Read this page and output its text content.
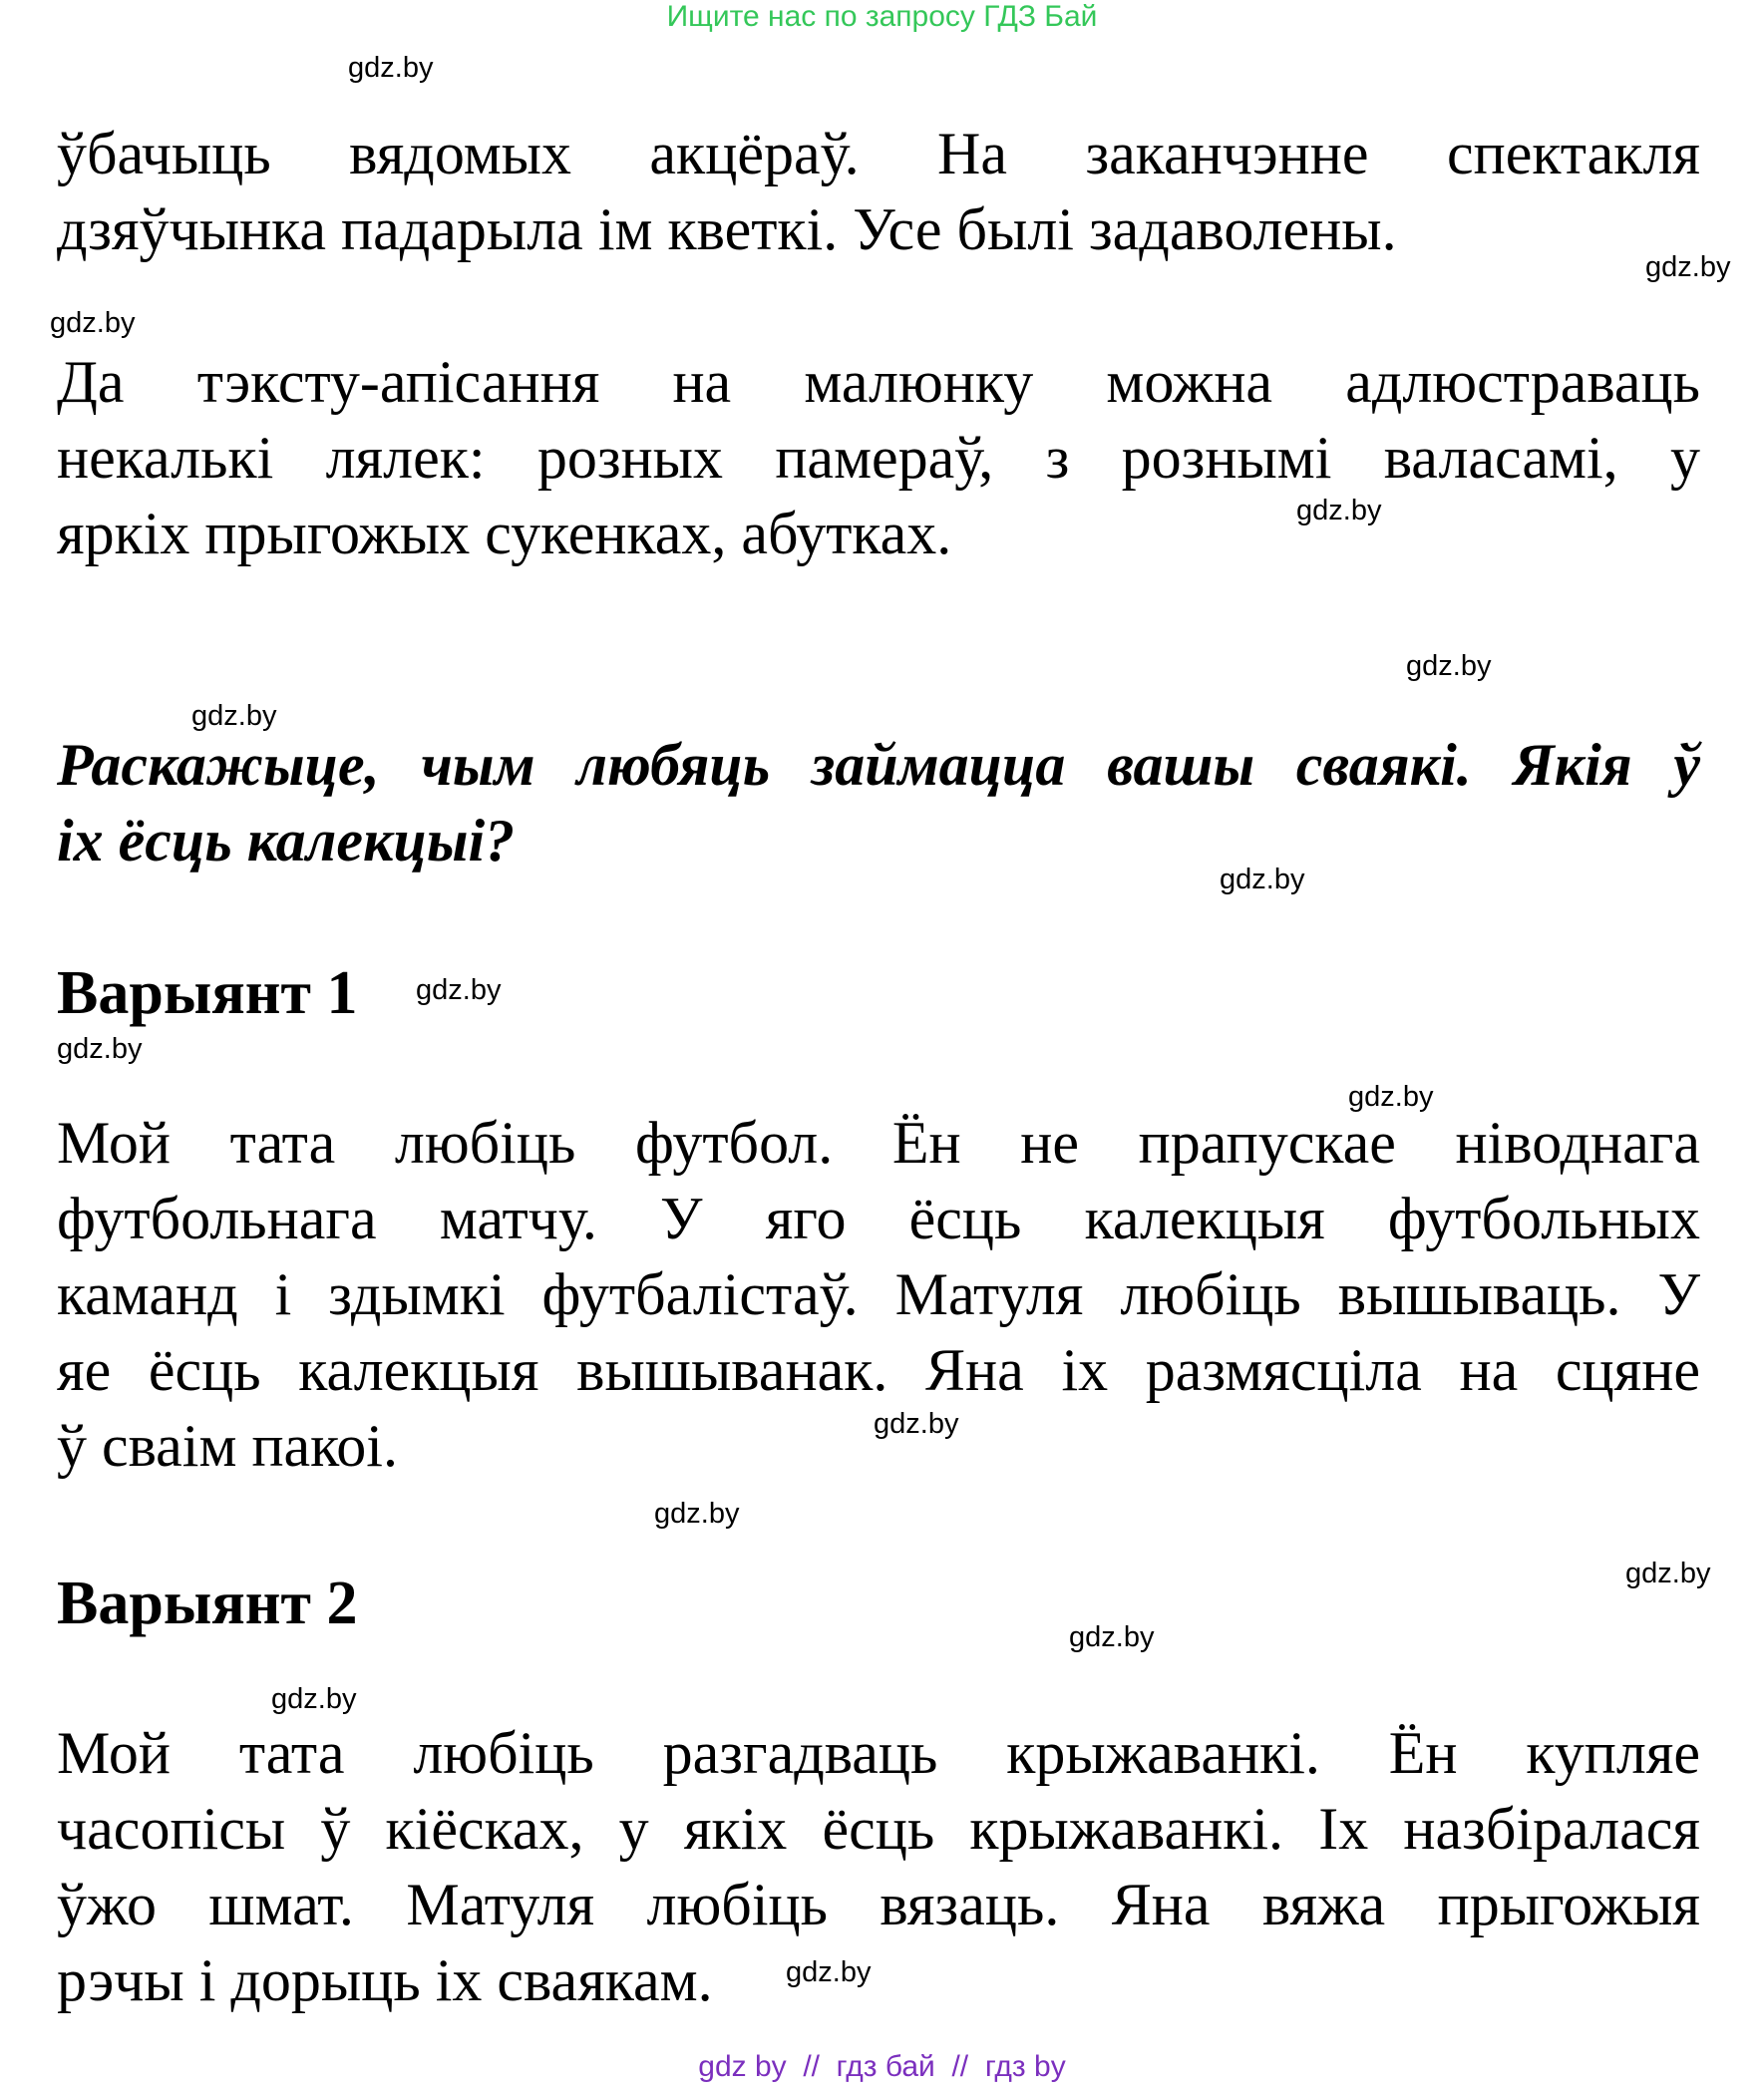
Ищите нас по запросу ГДЗ Бай
gdz.by
gdz.by
gdz.by
gdz.by
gdz.by
gdz.by
gdz.by
gdz.by
gdz.by
gdz.by
gdz.by
gdz.by
gdz.by
gdz.by
gdz.by
gdz.by
ўбачыць вядомых акцёраў. На заканчэнне спектакля
дзяўчынка падарыла ім кветкі. Усе былі задаволены.
Да тэксту-апісання на малюнку можна адлюстраваць
некалькі лялек: розных памераў, з рознымі валасамі, у
яркіх прыгожых сукенках, абутках.
Раскажыце, чым любяць займацца вашы сваякі. Якія ў
іх ёсць калекцыі?
Варыянт 1
Мой тата любіць футбол. Ён не прапускае ніводнага
футбольнага матчу. У яго ёсць калекцыя футбольных
каманд і здымкі футбалістаў. Матуля любіць вышываць. У
яе ёсць калекцыя вышыванак. Яна іх размясціла на сцяне
ў сваім пакоі.
Варыянт 2
Мой тата любіць разгадваць крыжаванкі. Ён купляе
часопісы ў кіёсках, у якіх ёсць крыжаванкі. Іх назбіралася
ўжо шмат. Матуля любіць вязаць. Яна вяжа прыгожыя
рэчы і дорыць іх сваякам.
gdz by  //  гдз бай  //  гдз by
